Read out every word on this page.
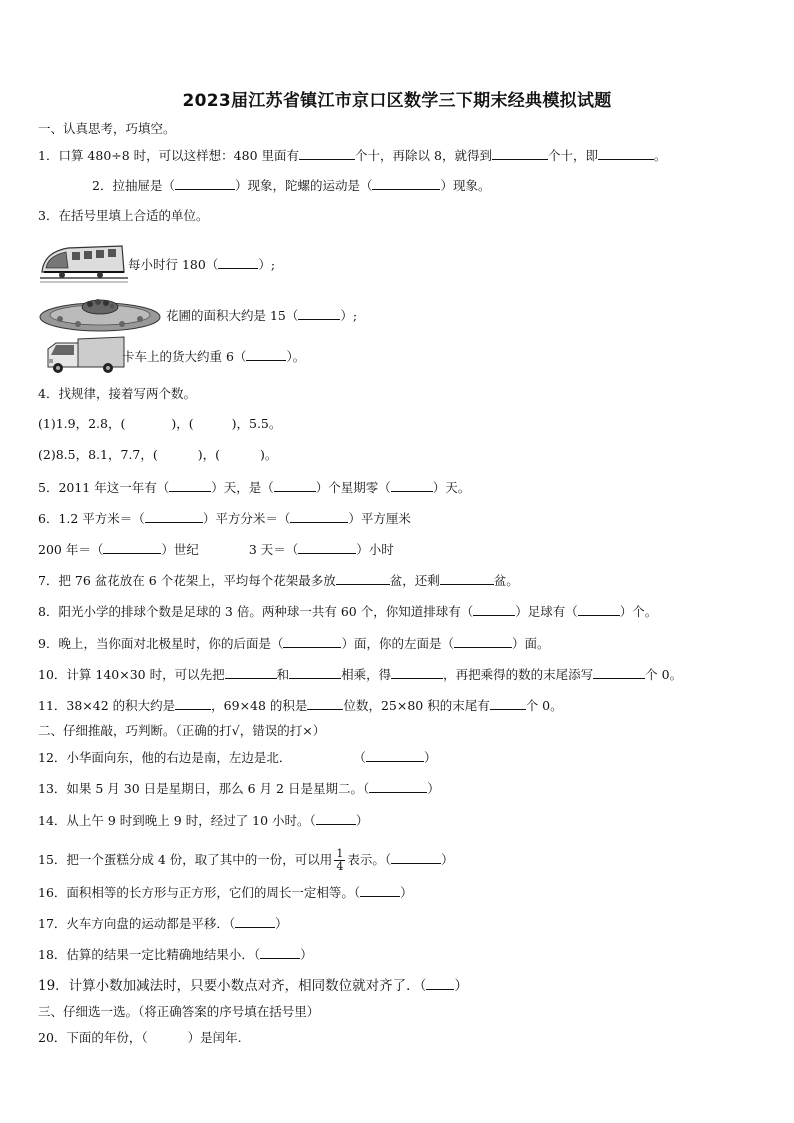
2023届江苏省镇江市京口区数学三下期末经典模拟试题
一、认真思考，巧填空。
1．口算 480÷8 时，可以这样想：480 里面有	个十，再除以 8，就得到	个十，即	。
2．拉抽屉是（	）现象，陀螺的运动是（	）现象。
3．在括号里填上合适的单位。
每小时行 180（	）;
花圃的面积大约是 15（	）;
卡车上的货大约重 6（	）。
4．找规律，接着写两个数。
(1)1.9，2.8，(	)，(	)，5.5。
(2)8.5，8.1，7.7，(	)，(	)。
5．2011 年这一年有（	）天，是（	）个星期零（	）天。
6．1.2 平方米＝（	）平方分米＝（	）平方厘米
200 年＝（	）世纪	3 天＝（	）小时
7．把 76 盆花放在 6 个花架上，平均每个花架最多放	盆，还剩	盆。
8．阳光小学的排球个数是足球的 3 倍。两种球一共有 60 个，你知道排球有（	）足球有（	）个。
9．晚上，当你面对北极星时，你的后面是（	）面，你的左面是（	）面。
10．计算 140×30 时，可以先把	和	相乘，得	，再把乘得的数的末尾添写	个 0。
11．38×42 的积大约是	，69×48 的积是	位数，25×80 积的末尾有	个 0。
二、仔细推敲，巧判断。（正确的打√，错误的打×）
12．小华面向东，他的右边是南，左边是北．	（	）
13．如果 5 月 30 日是星期日，那么 6 月 2 日是星期二。（	）
14．从上午 9 时到晚上 9 时，经过了 10 小时。（	）
15．把一个蛋糕分成 4 份，取了其中的一份，可以用 $\frac{1}{4}$ 表示。（	）
16．面积相等的长方形与正方形，它们的周长一定相等。（	）
17．火车方向盘的运动都是平移．（	）
18．估算的结果一定比精确地结果小．（	）
19．计算小数加减法时，只要小数点对齐，相同数位就对齐了．（ ）
三、仔细选一选。（将正确答案的序号填在括号里）
20．下面的年份，（	）是闰年.
